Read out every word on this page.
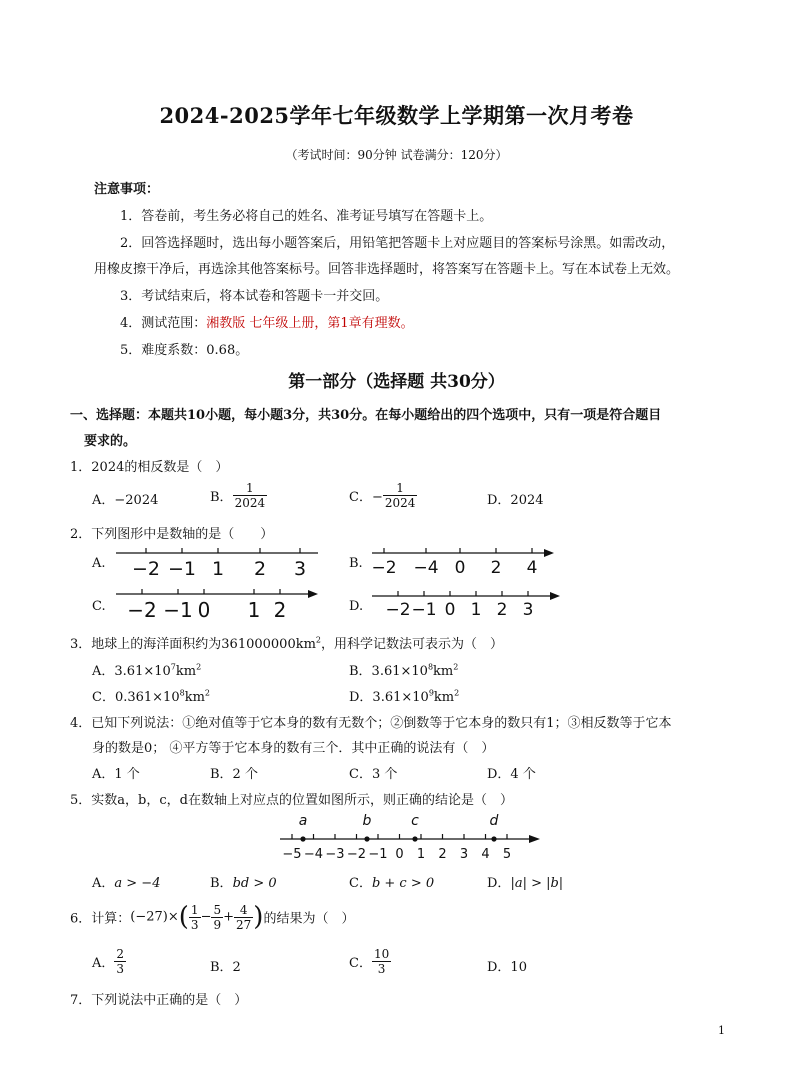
2024-2025学年七年级数学上学期第一次月考卷
（考试时间：90分钟 试卷满分：120分）
注意事项：
1．答卷前，考生务必将自己的姓名、准考证号填写在答题卡上。
2．回答选择题时，选出每小题答案后，用铅笔把答题卡上对应题目的答案标号涂黑。如需改动，
用橡皮擦干净后，再选涂其他答案标号。回答非选择题时，将答案写在答题卡上。写在本试卷上无效。
3．考试结束后，将本试卷和答题卡一并交回。
4．测试范围：湘教版 七年级上册，第1章有理数。
5．难度系数：0.68。
第一部分（选择题 共30分）
一、选择题：本题共10小题，每小题3分，共30分。在每小题给出的四个选项中，只有一项是符合题目
要求的。
1．2024的相反数是（　）
A．−2024	B． $\frac{1}{2024}$	C．− $\frac{1}{2024}$	D．2024
2．下列图形中是数轴的是（　　）
A.	B.
C.	D.
−2 −1 1 2 3	−2 −4 0 2 4
−2 −1 0 1 2	−2 −1 0 1 2 3
3．地球上的海洋面积约为$361000000km^2$，用科学记数法可表示为（　）
A．$3.61\times 10^7km^2$	B．$3.61\times 10^8km^2$
C．$0.361\times 10^8km^2$	D．$3.61\times 10^9km^2$
4．已知下列说法：①绝对值等于它本身的数有无数个；②倒数等于它本身的数只有1；③相反数等于它本
身的数是0； ④平方等于它本身的数有三个．其中正确的说法有（　）
A．1 个	B．2 个	C．3 个	D．4 个
5．实数a，b，c，d在数轴上对应点的位置如图所示，则正确的结论是（　）
−5 −4 −3 −2 −1 0 1 2 3 4 5
a	b	c	d
A．a > −4	B．bd > 0	C．b + c > 0	D．|a| > |b|
6．计算：$(-27)\times( \frac{1}{3} - \frac{5}{9} + \frac{4}{27}$ )的结果为（　）
A． $\frac{2}{3}$	B．2	C． $\frac{10}{3}$	D．10
7．下列说法中正确的是（　）
1
